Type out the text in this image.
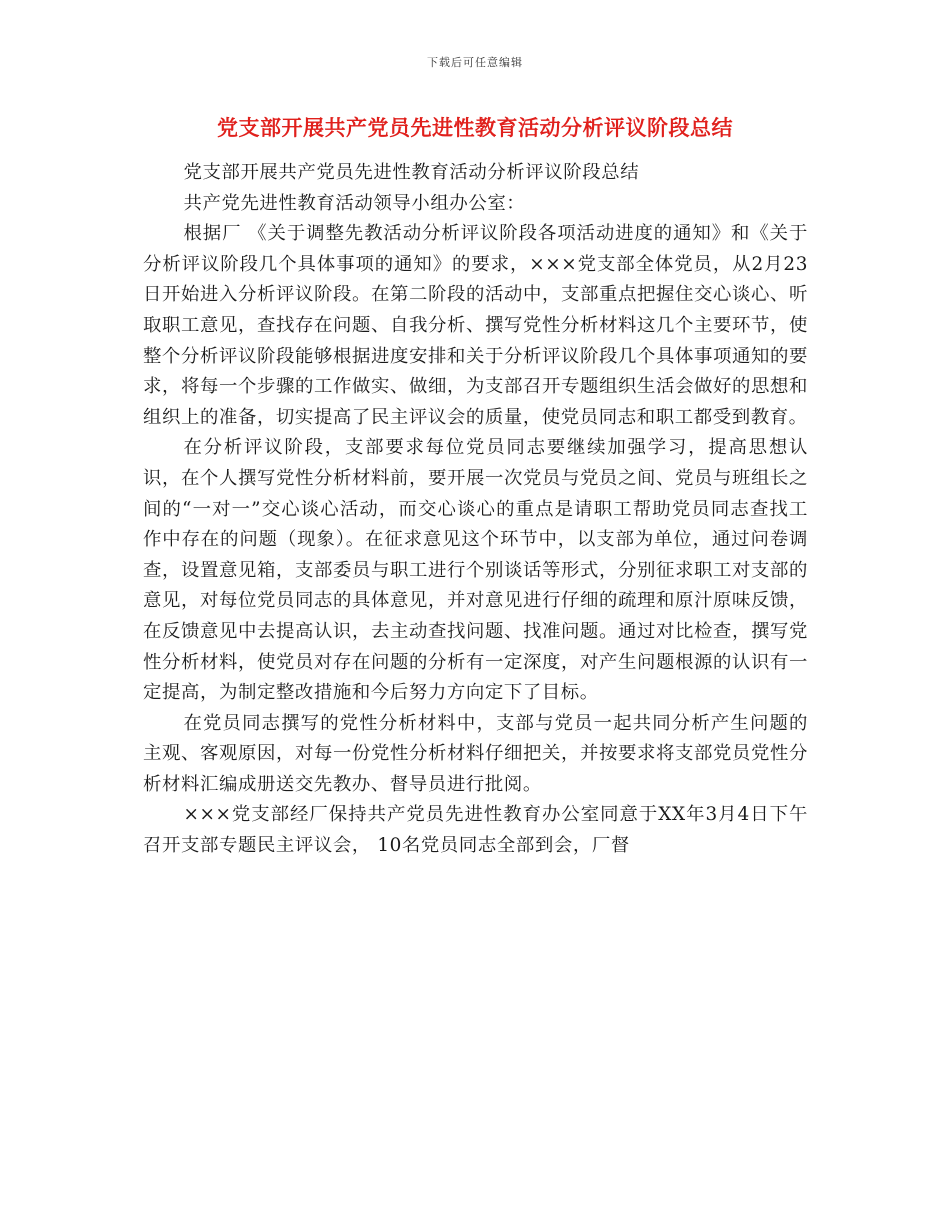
下载后可任意编辑
党支部开展共产党员先进性教育活动分析评议阶段总结

党支部开展共产党员先进性教育活动分析评议阶段总结

共产党先进性教育活动领导小组办公室：

根据厂 《关于调整先教活动分析评议阶段各项活动进度的通知》和《关于分析评议阶段几个具体事项的通知》的要求，×××党支部全体党员，从2月23日开始进入分析评议阶段。在第二阶段的活动中，支部重点把握住交心谈心、听取职工意见，查找存在问题、自我分析、撰写党性分析材料这几个主要环节，使整个分析评议阶段能够根据进度安排和关于分析评议阶段几个具体事项通知的要求，将每一个步骤的工作做实、做细，为支部召开专题组织生活会做好的思想和组织上的准备，切实提高了民主评议会的质量，使党员同志和职工都受到教育。

在分析评议阶段，支部要求每位党员同志要继续加强学习，提高思想认识，在个人撰写党性分析材料前，要开展一次党员与党员之间、党员与班组长之间的“一对一”交心谈心活动，而交心谈心的重点是请职工帮助党员同志查找工作中存在的问题（现象）。在征求意见这个环节中，以支部为单位，通过问卷调查，设置意见箱，支部委员与职工进行个别谈话等形式，分别征求职工对支部的意见，对每位党员同志的具体意见，并对意见进行仔细的疏理和原汁原味反馈，在反馈意见中去提高认识，去主动查找问题、找准问题。通过对比检查，撰写党性分析材料，使党员对存在问题的分析有一定深度，对产生问题根源的认识有一定提高，为制定整改措施和今后努力方向定下了目标。

在党员同志撰写的党性分析材料中，支部与党员一起共同分析产生问题的主观、客观原因，对每一份党性分析材料仔细把关，并按要求将支部党员党性分析材料汇编成册送交先教办、督导员进行批阅。

×××党支部经厂保持共产党员先进性教育办公室同意于XX年3月4日下午召开支部专题民主评议会， 10名党员同志全部到会，厂督
